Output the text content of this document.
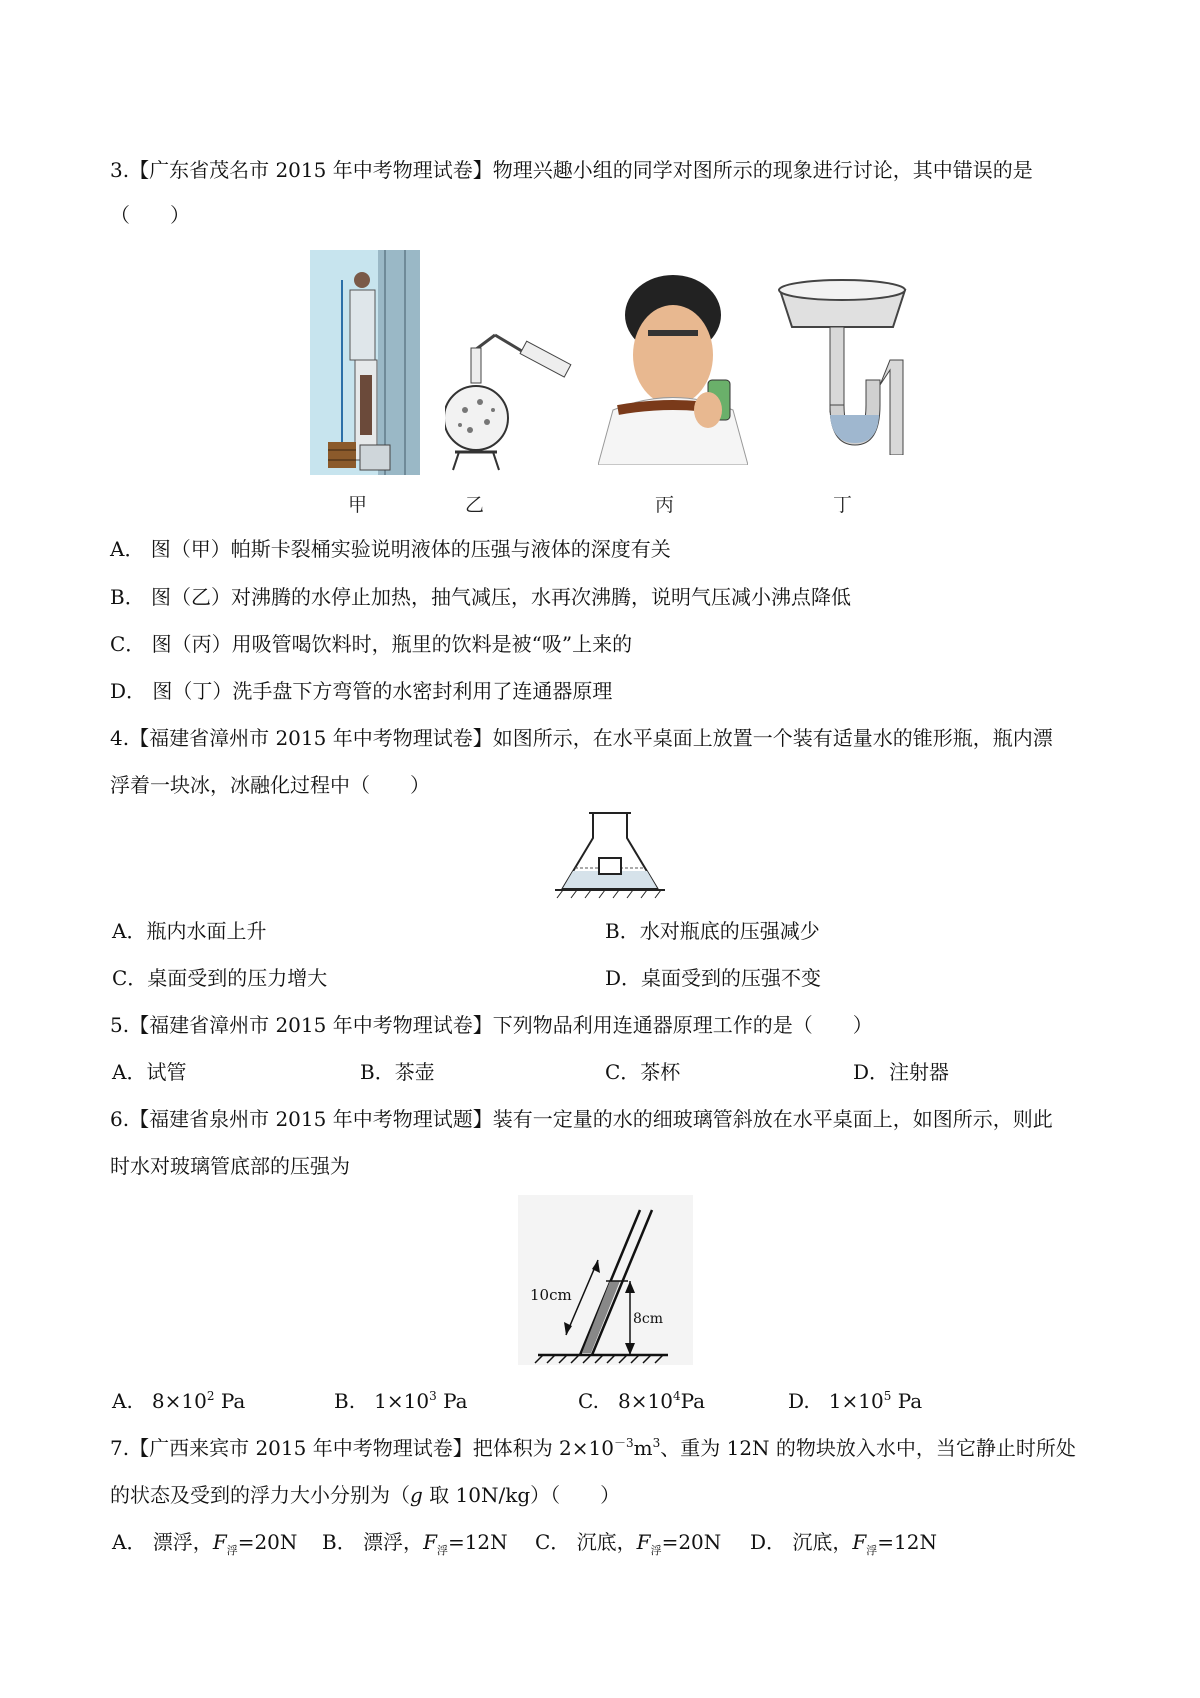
3.【广东省茂名市 2015 年中考物理试卷】物理兴趣小组的同学对图所示的现象进行讨论，其中错误的是
（　　）
甲	乙	丙	丁
A． 图（甲）帕斯卡裂桶实验说明液体的压强与液体的深度有关
B． 图（乙）对沸腾的水停止加热，抽气减压，水再次沸腾，说明气压减小沸点降低
C． 图（丙）用吸管喝饮料时，瓶里的饮料是被“吸”上来的
D． 图（丁）洗手盘下方弯管的水密封利用了连通器原理
4.【福建省漳州市 2015 年中考物理试卷】如图所示，在水平桌面上放置一个装有适量水的锥形瓶，瓶内漂
浮着一块冰，冰融化过程中（　　）
A．瓶内水面上升	B．水对瓶底的压强减少
C．桌面受到的压力增大	D．桌面受到的压强不变
5.【福建省漳州市 2015 年中考物理试卷】下列物品利用连通器原理工作的是（　　）
A．试管	B．茶壶	C．茶杯	D．注射器
6.【福建省泉州市 2015 年中考物理试题】装有一定量的水的细玻璃管斜放在水平桌面上，如图所示，则此
时水对玻璃管底部的压强为
10cm
8cm
A. $8\times 10^2$ Pa	B. $1\times 10^3$ Pa	C. $8\times 10^4Pa$	D. $1\times 10^5$ Pa
7.【广西来宾市 2015 年中考物理试卷】把体积为 $2\times 10^{-3}m^3$、重为 12N 的物块放入水中，当它静止时所处
的状态及受到的浮力大小分别为（g 取 10N/kg）（　　）
A． 漂浮，$F_浮=20N$ B． 漂浮，$F_浮=12N$ C． 沉底，$F_浮=20N$ D． 沉底，$F_浮=12N$
